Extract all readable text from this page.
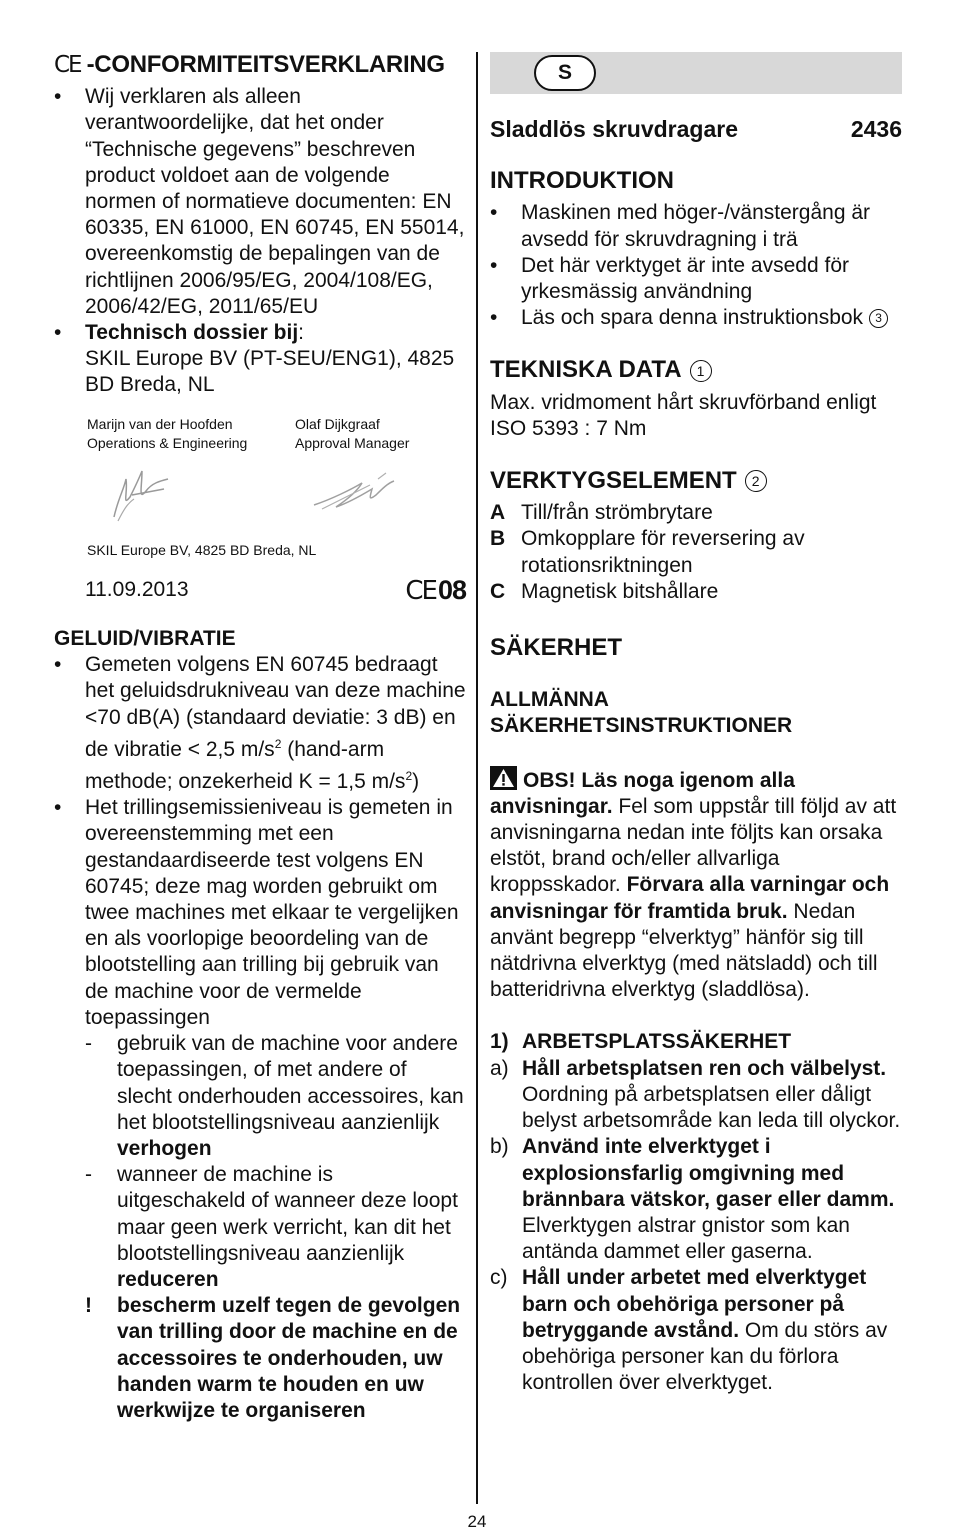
CE - CONFORMITEITSVERKLARING
• Wij verklaren als alleen verantwoordelijke, dat het onder “Technische gegevens” beschreven product voldoet aan de volgende normen of normatieve documenten: EN 60335, EN 61000, EN 60745, EN 55014, overeenkomstig de bepalingen van de richtlijnen 2006/95/EG, 2004/108/EG, 2006/42/EG, 2011/65/EU
• Technisch dossier bij:
SKIL Europe BV (PT-SEU/ENG1), 4825 BD Breda, NL
Marijn van der Hoofden
Operations & Engineering
Olaf Dijkgraaf
Approval Manager
SKIL Europe BV, 4825 BD Breda, NL
11.09.2013	CE08
GELUID/VIBRATIE
• Gemeten volgens EN 60745 bedraagt het geluidsdrukniveau van deze machine <70 dB(A) (standaard deviatie: 3 dB) en de vibratie < 2,5 $m/s^2$ (hand-arm methode; onzekerheid K = 1,5 $m/s^2$)
• Het trillingsemissieniveau is gemeten in overeenstemming met een gestandaardiseerde test volgens EN 60745; deze mag worden gebruikt om twee machines met elkaar te vergelijken en als voorlopige beoordeling van de blootstelling aan trilling bij gebruik van de machine voor de vermelde toepassingen
- gebruik van de machine voor andere toepassingen, of met andere of slecht onderhouden accessoires, kan het blootstellingsniveau aanzienlijk verhogen
- wanneer de machine is uitgeschakeld of wanneer deze loopt maar geen werk verricht, kan dit het blootstellingsniveau aanzienlijk reduceren
! bescherm uzelf tegen de gevolgen van trilling door de machine en de accessoires te onderhouden, uw handen warm te houden en uw werkwijze te organiseren
S
Sladdlös skruvdragare	2436
INTRODUKTION
• Maskinen med höger-/vänstergång är avsedd för skruvdragning i trä
• Det här verktyget är inte avsedd för yrkesmässig användning
• Läs och spara denna instruktionsbok 3
TEKNISKA DATA	1
Max. vridmoment hårt skruvförband enligt ISO 5393 : 7 Nm
VERKTYGSELEMENT	2
A Till/från strömbrytare
B Omkopplare för reversering av rotationsriktningen
C Magnetisk bitshållare
SÄKERHET
ALLMÄNNA
SÄKERHETSINSTRUKTIONER
OBS! Läs noga igenom alla anvisningar. Fel som uppstår till följd av att anvisningarna nedan inte följts kan orsaka elstöt, brand och/eller allvarliga kroppsskador. Förvara alla varningar och anvisningar för framtida bruk. Nedan använt begrepp “elverktyg” hänför sig till nätdrivna elverktyg (med nätsladd) och till batteridrivna elverktyg (sladdlösa).
1) ARBETSPLATSSÄKERHET
a) Håll arbetsplatsen ren och välbelyst. Oordning på arbetsplatsen eller dåligt belyst arbetsområde kan leda till olyckor.
b) Använd inte elverktyget i explosionsfarlig omgivning med brännbara vätskor, gaser eller damm. Elverktygen alstrar gnistor som kan antända dammet eller gaserna.
c) Håll under arbetet med elverktyget barn och obehöriga personer på betryggande avstånd. Om du störs av obehöriga personer kan du förlora kontrollen över elverktyget.
24
